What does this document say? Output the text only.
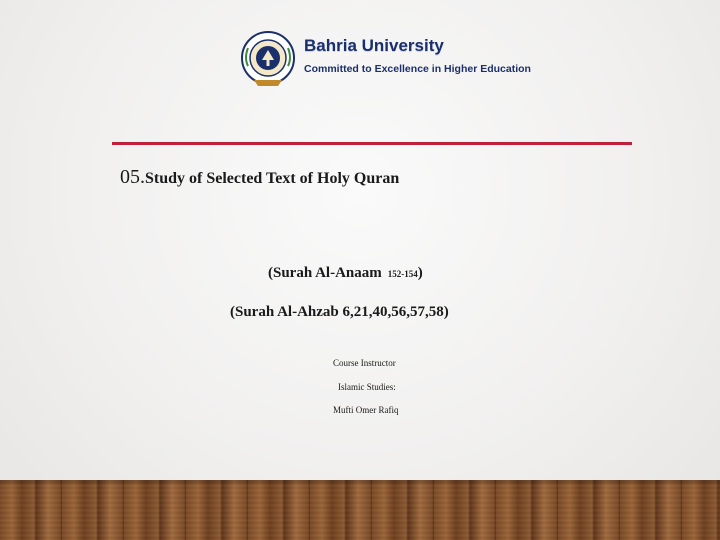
Bahria University
Committed to Excellence in Higher Education
05.Study of Selected Text of Holy Quran
(Surah Al-Anaam 152-154)
(Surah Al-Ahzab 6,21,40,56,57,58)
Course Instructor
Islamic Studies:
Mufti Omer Rafiq
